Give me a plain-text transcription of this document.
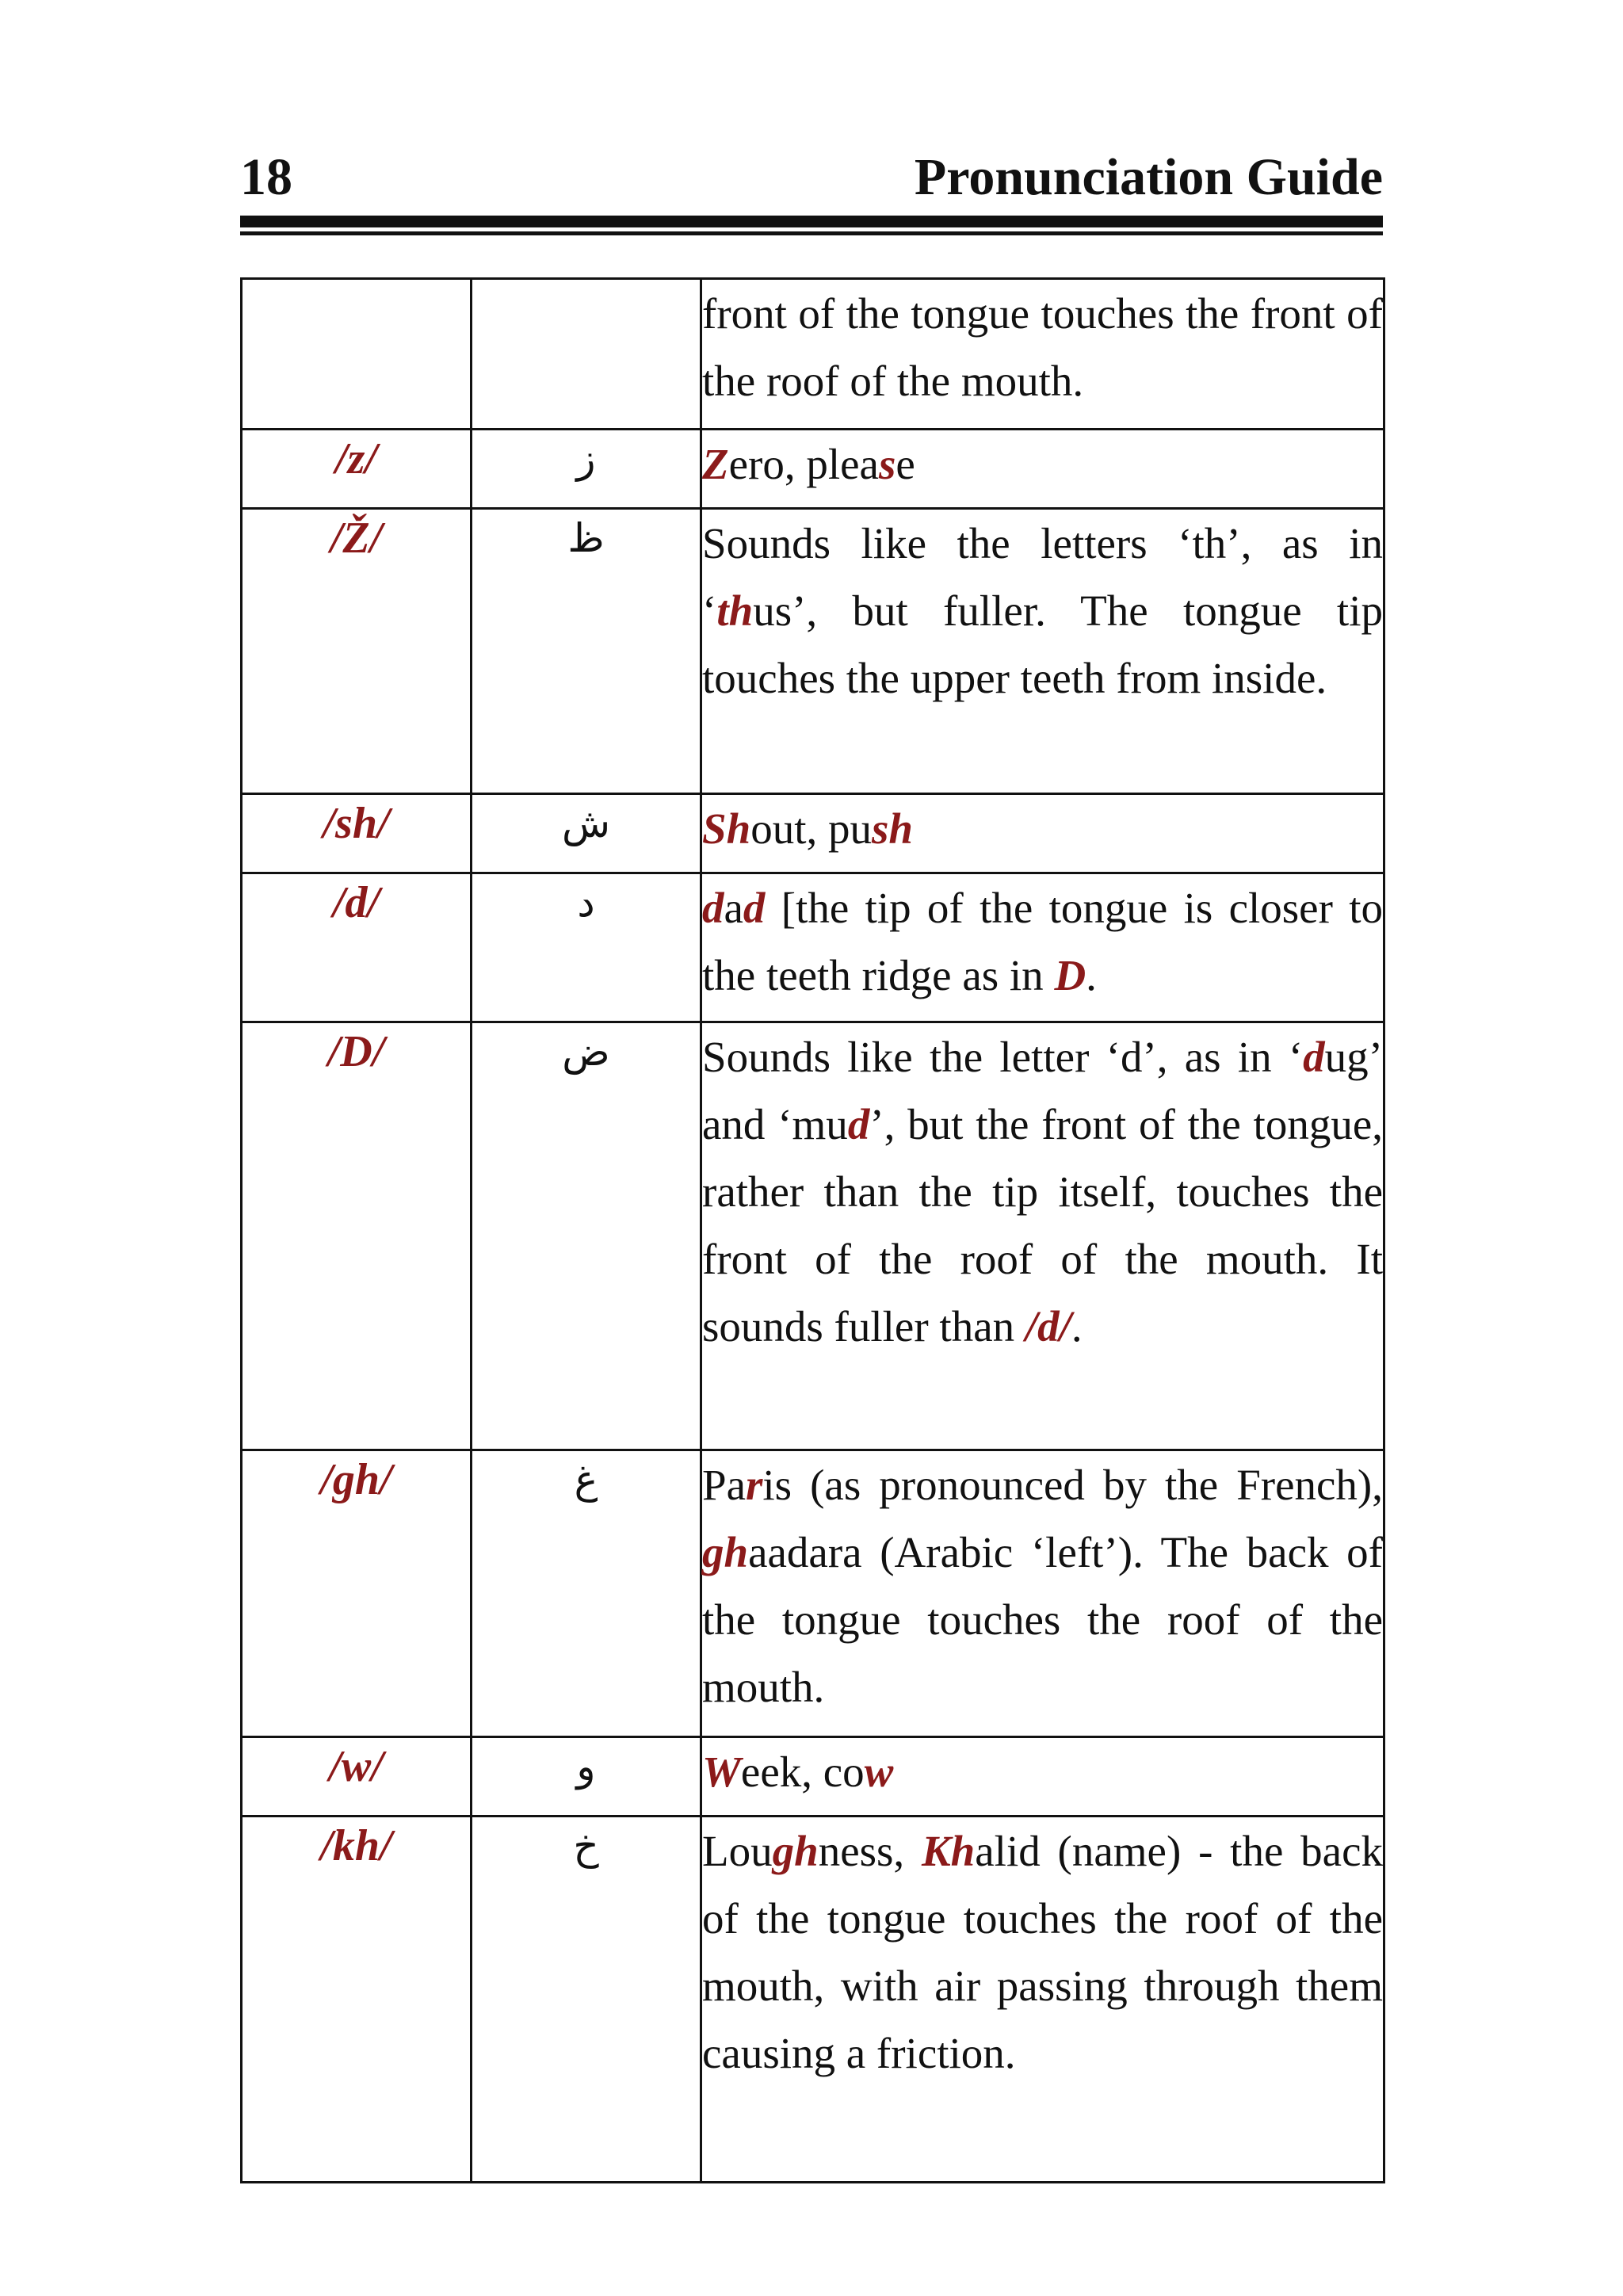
18	Pronunciation Guide
		front of the tongue touches the front of the roof of the mouth.
/z/	ز	Zero, please
/Ž/	ظ	Sounds like the letters ‘th’, as in ‘thus’, but fuller. The tongue tip touches the upper teeth from inside.
/sh/	ش	Shout, push
/d/	د	dad [the tip of the tongue is closer to the teeth ridge as in D.
/D/	ض	Sounds like the letter ‘d’, as in ‘dug’ and ‘mud’, but the front of the tongue, rather than the tip itself, touches the front of the roof of the mouth. It sounds fuller than /d/.
/gh/	غ	Paris (as pronounced by the French), ghaadara (Arabic ‘left’). The back of the tongue touches the roof of the mouth.
/w/	و	Week, cow
/kh/	خ	Loughness, Khalid (name) - the back of the tongue touches the roof of the mouth, with air passing through them causing a friction.
